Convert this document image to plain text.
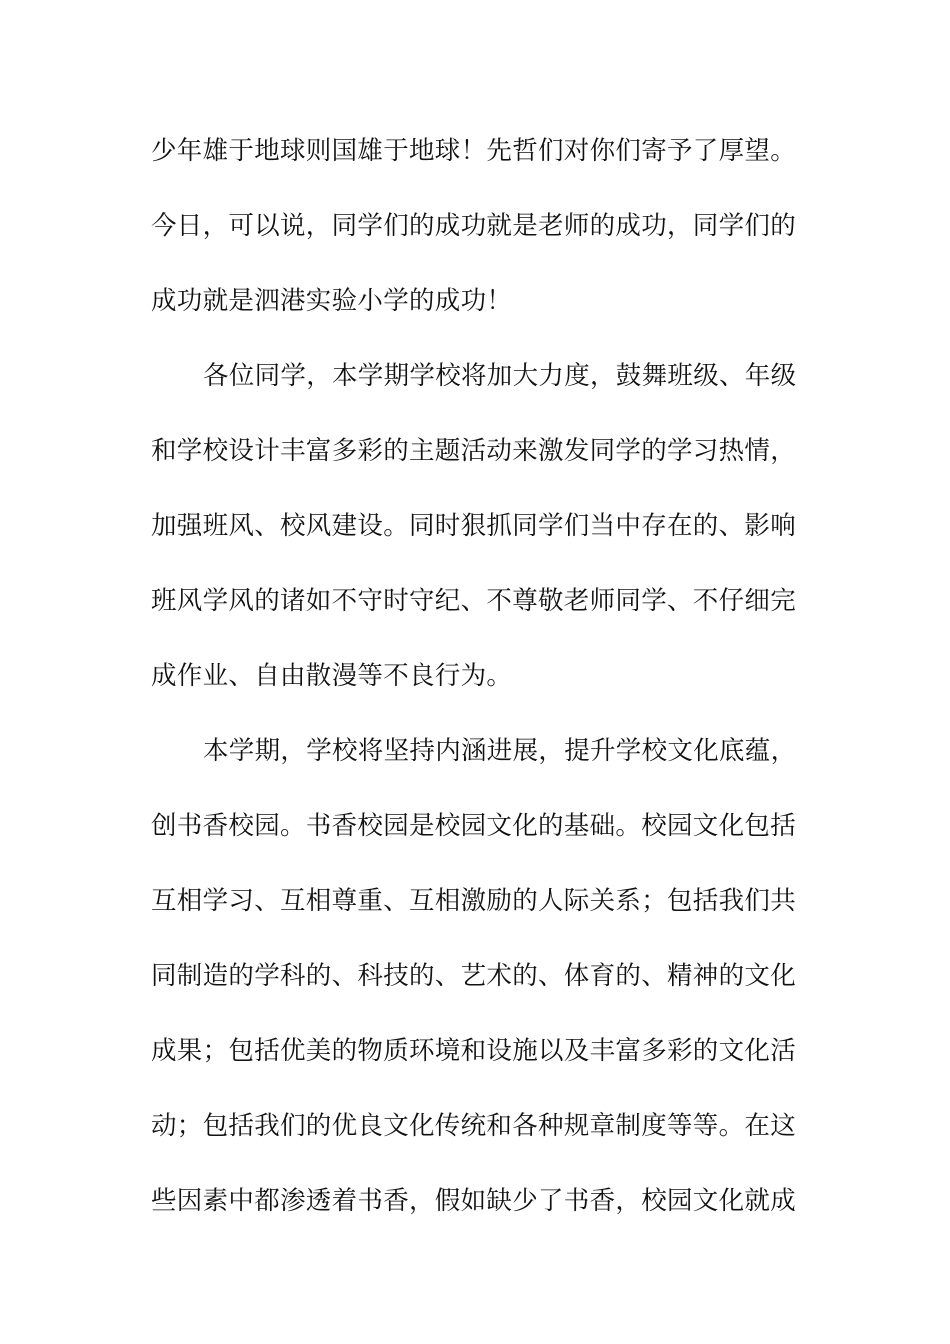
少年雄于地球则国雄于地球！先哲们对你们寄予了厚望。
今日，可以说，同学们的成功就是老师的成功，同学们的
成功就是泗港实验小学的成功！
各位同学，本学期学校将加大力度，鼓舞班级、年级
和学校设计丰富多彩的主题活动来激发同学的学习热情，
加强班风、校风建设。同时狠抓同学们当中存在的、影响
班风学风的诸如不守时守纪、不尊敬老师同学、不仔细完
成作业、自由散漫等不良行为。
本学期，学校将坚持内涵进展，提升学校文化底蕴，
创书香校园。书香校园是校园文化的基础。校园文化包括
互相学习、互相尊重、互相激励的人际关系；包括我们共
同制造的学科的、科技的、艺术的、体育的、精神的文化
成果；包括优美的物质环境和设施以及丰富多彩的文化活
动；包括我们的优良文化传统和各种规章制度等等。在这
些因素中都渗透着书香，假如缺少了书香，校园文化就成
